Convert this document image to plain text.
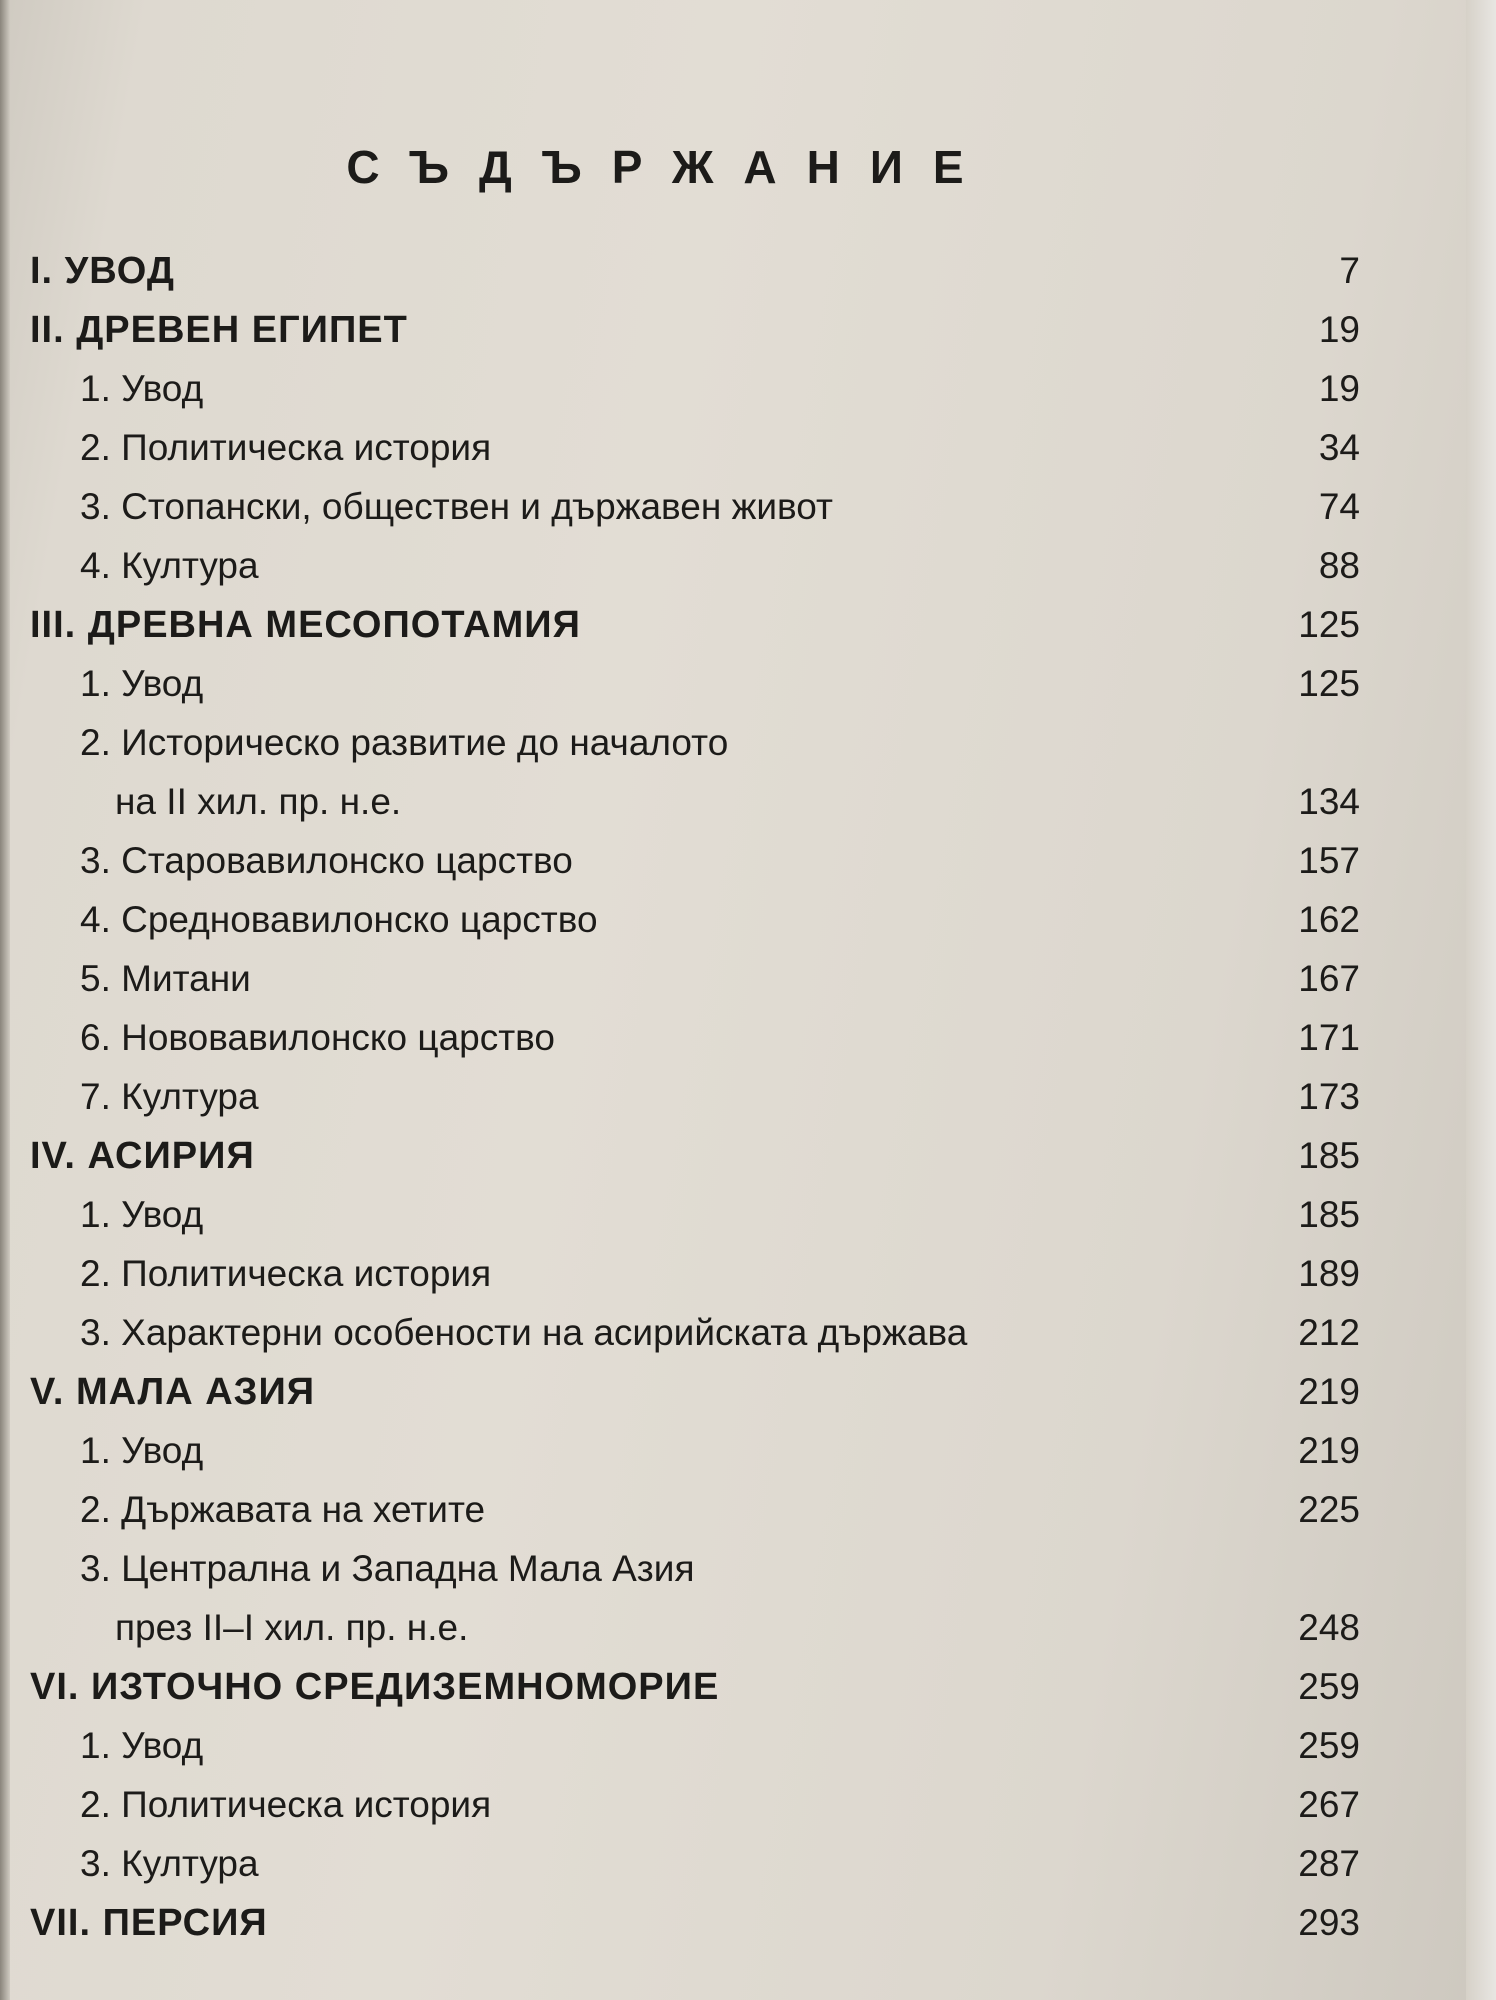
СЪДЪРЖАНИЕ
I. УВОД	7
II. ДРЕВЕН ЕГИПЕТ	19
1. Увод	19
2. Политическа история	34
3. Стопански, обществен и държавен живот	74
4. Култура	88
III. ДРЕВНА МЕСОПОТАМИЯ	125
1. Увод	125
2. Историческо развитие до началото
на II хил. пр. н.е.	134
3. Старовавилонско царство	157
4. Средновавилонско царство	162
5. Митани	167
6. Нововавилонско царство	171
7. Култура	173
IV. АСИРИЯ	185
1. Увод	185
2. Политическа история	189
3. Характерни особености на асирийската държава	212
V. МАЛА АЗИЯ	219
1. Увод	219
2. Държавата на хетите	225
3. Централна и Западна Мала Азия
през II–I хил. пр. н.е.	248
VI. ИЗТОЧНО СРЕДИЗЕМНОМОРИЕ	259
1. Увод	259
2. Политическа история	267
3. Култура	287
VII. ПЕРСИЯ	293
